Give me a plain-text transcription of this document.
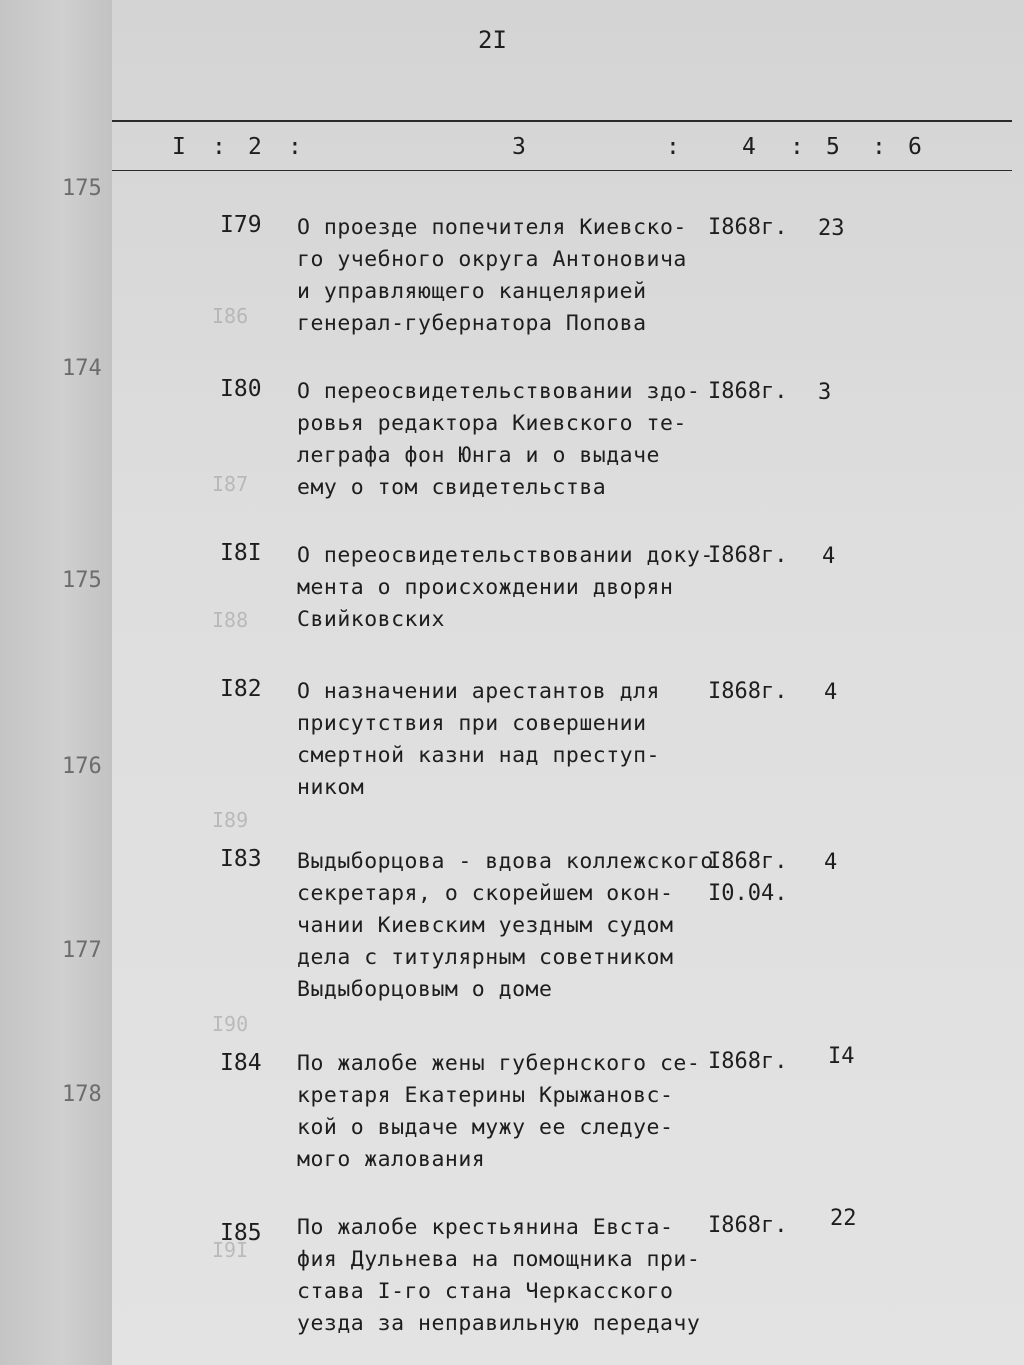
175
174
175
176
177
178
2I
I : 2 :	3	:	4 : 5 : 6
I86
I87
I88
I89
I90
I9I
I79 О проезде попечителя Киевско-
го учебного округа Антоновича
и управляющего канцелярией
генерал-губернатора Попова
I868г. 23
I80 О переосвидетельствовании здо-
ровья редактора Киевского те-
леграфа фон Юнга и о выдаче
ему о том свидетельства
I868г. 3
I8I О переосвидетельствовании доку-
мента о происхождении дворян
Свийковских
I868г. 4
I82 О назначении арестантов для
присутствия при совершении
смертной казни над преступ-
ником
I868г. 4
I83 Выдыборцова - вдова коллежского
секретаря, о скорейшем окон-
чании Киевским уездным судом
дела с титулярным советником
Выдыборцовым о доме
I868г.
I0.04.
4
I84 По жалобе жены губернского се-
кретаря Екатерины Крыжановс-
кой о выдаче мужу ее следуе-
мого жалования
I868г. I4
I85 По жалобе крестьянина Евста-
фия Дульнева на помощника при-
става I-го стана Черкасского
уезда за неправильную передачу
I868г. 22
